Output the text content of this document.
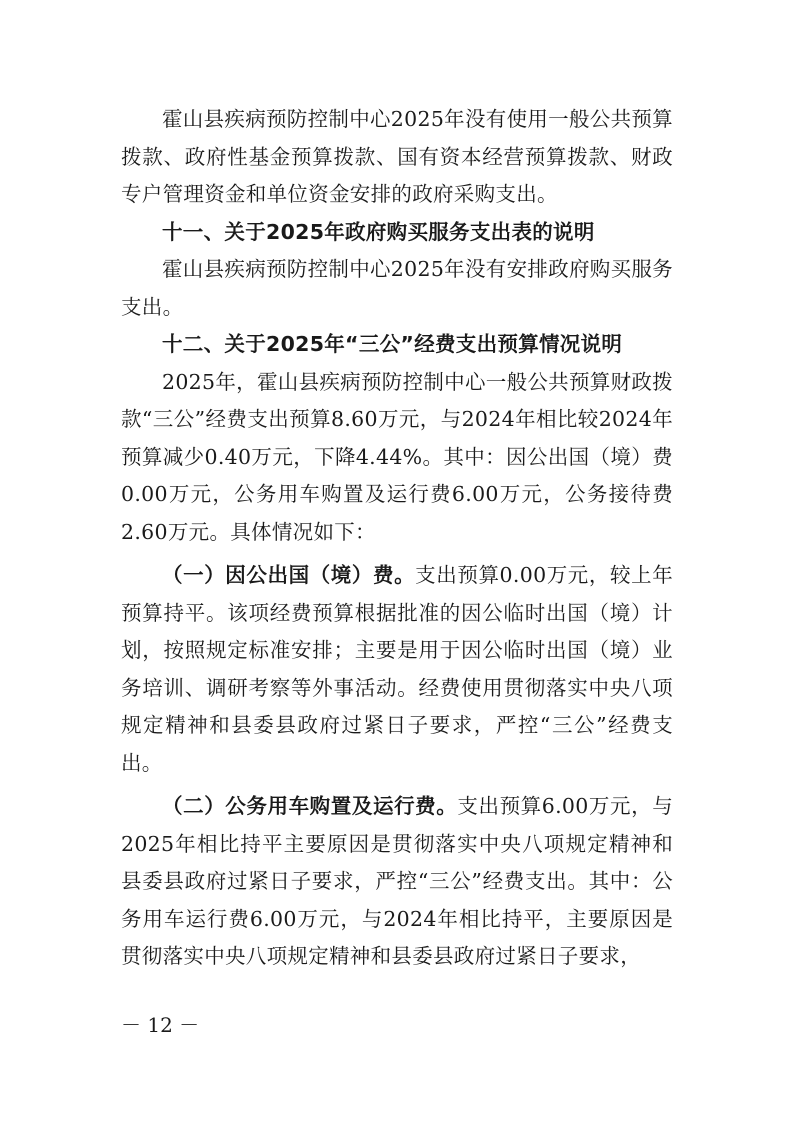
霍山县疾病预防控制中心2025年没有使用一般公共预算拨款、政府性基金预算拨款、国有资本经营预算拨款、财政专户管理资金和单位资金安排的政府采购支出。

十一、关于2025年政府购买服务支出表的说明

霍山县疾病预防控制中心2025年没有安排政府购买服务支出。

十二、关于2025年“三公”经费支出预算情况说明

2025年，霍山县疾病预防控制中心一般公共预算财政拨款“三公”经费支出预算8.60万元，与2024年相比较2024年预算减少0.40万元，下降4.44%。其中：因公出国（境）费0.00万元，公务用车购置及运行费6.00万元，公务接待费2.60万元。具体情况如下：

（一）因公出国（境）费。支出预算0.00万元，较上年预算持平。该项经费预算根据批准的因公临时出国（境）计划，按照规定标准安排；主要是用于因公临时出国（境）业务培训、调研考察等外事活动。经费使用贯彻落实中央八项规定精神和县委县政府过紧日子要求，严控“三公”经费支出。

（二）公务用车购置及运行费。支出预算6.00万元，与2025年相比持平主要原因是贯彻落实中央八项规定精神和县委县政府过紧日子要求，严控“三公”经费支出。其中：公务用车运行费6.00万元，与2024年相比持平，主要原因是贯彻落实中央八项规定精神和县委县政府过紧日子要求，

－ 12 －
